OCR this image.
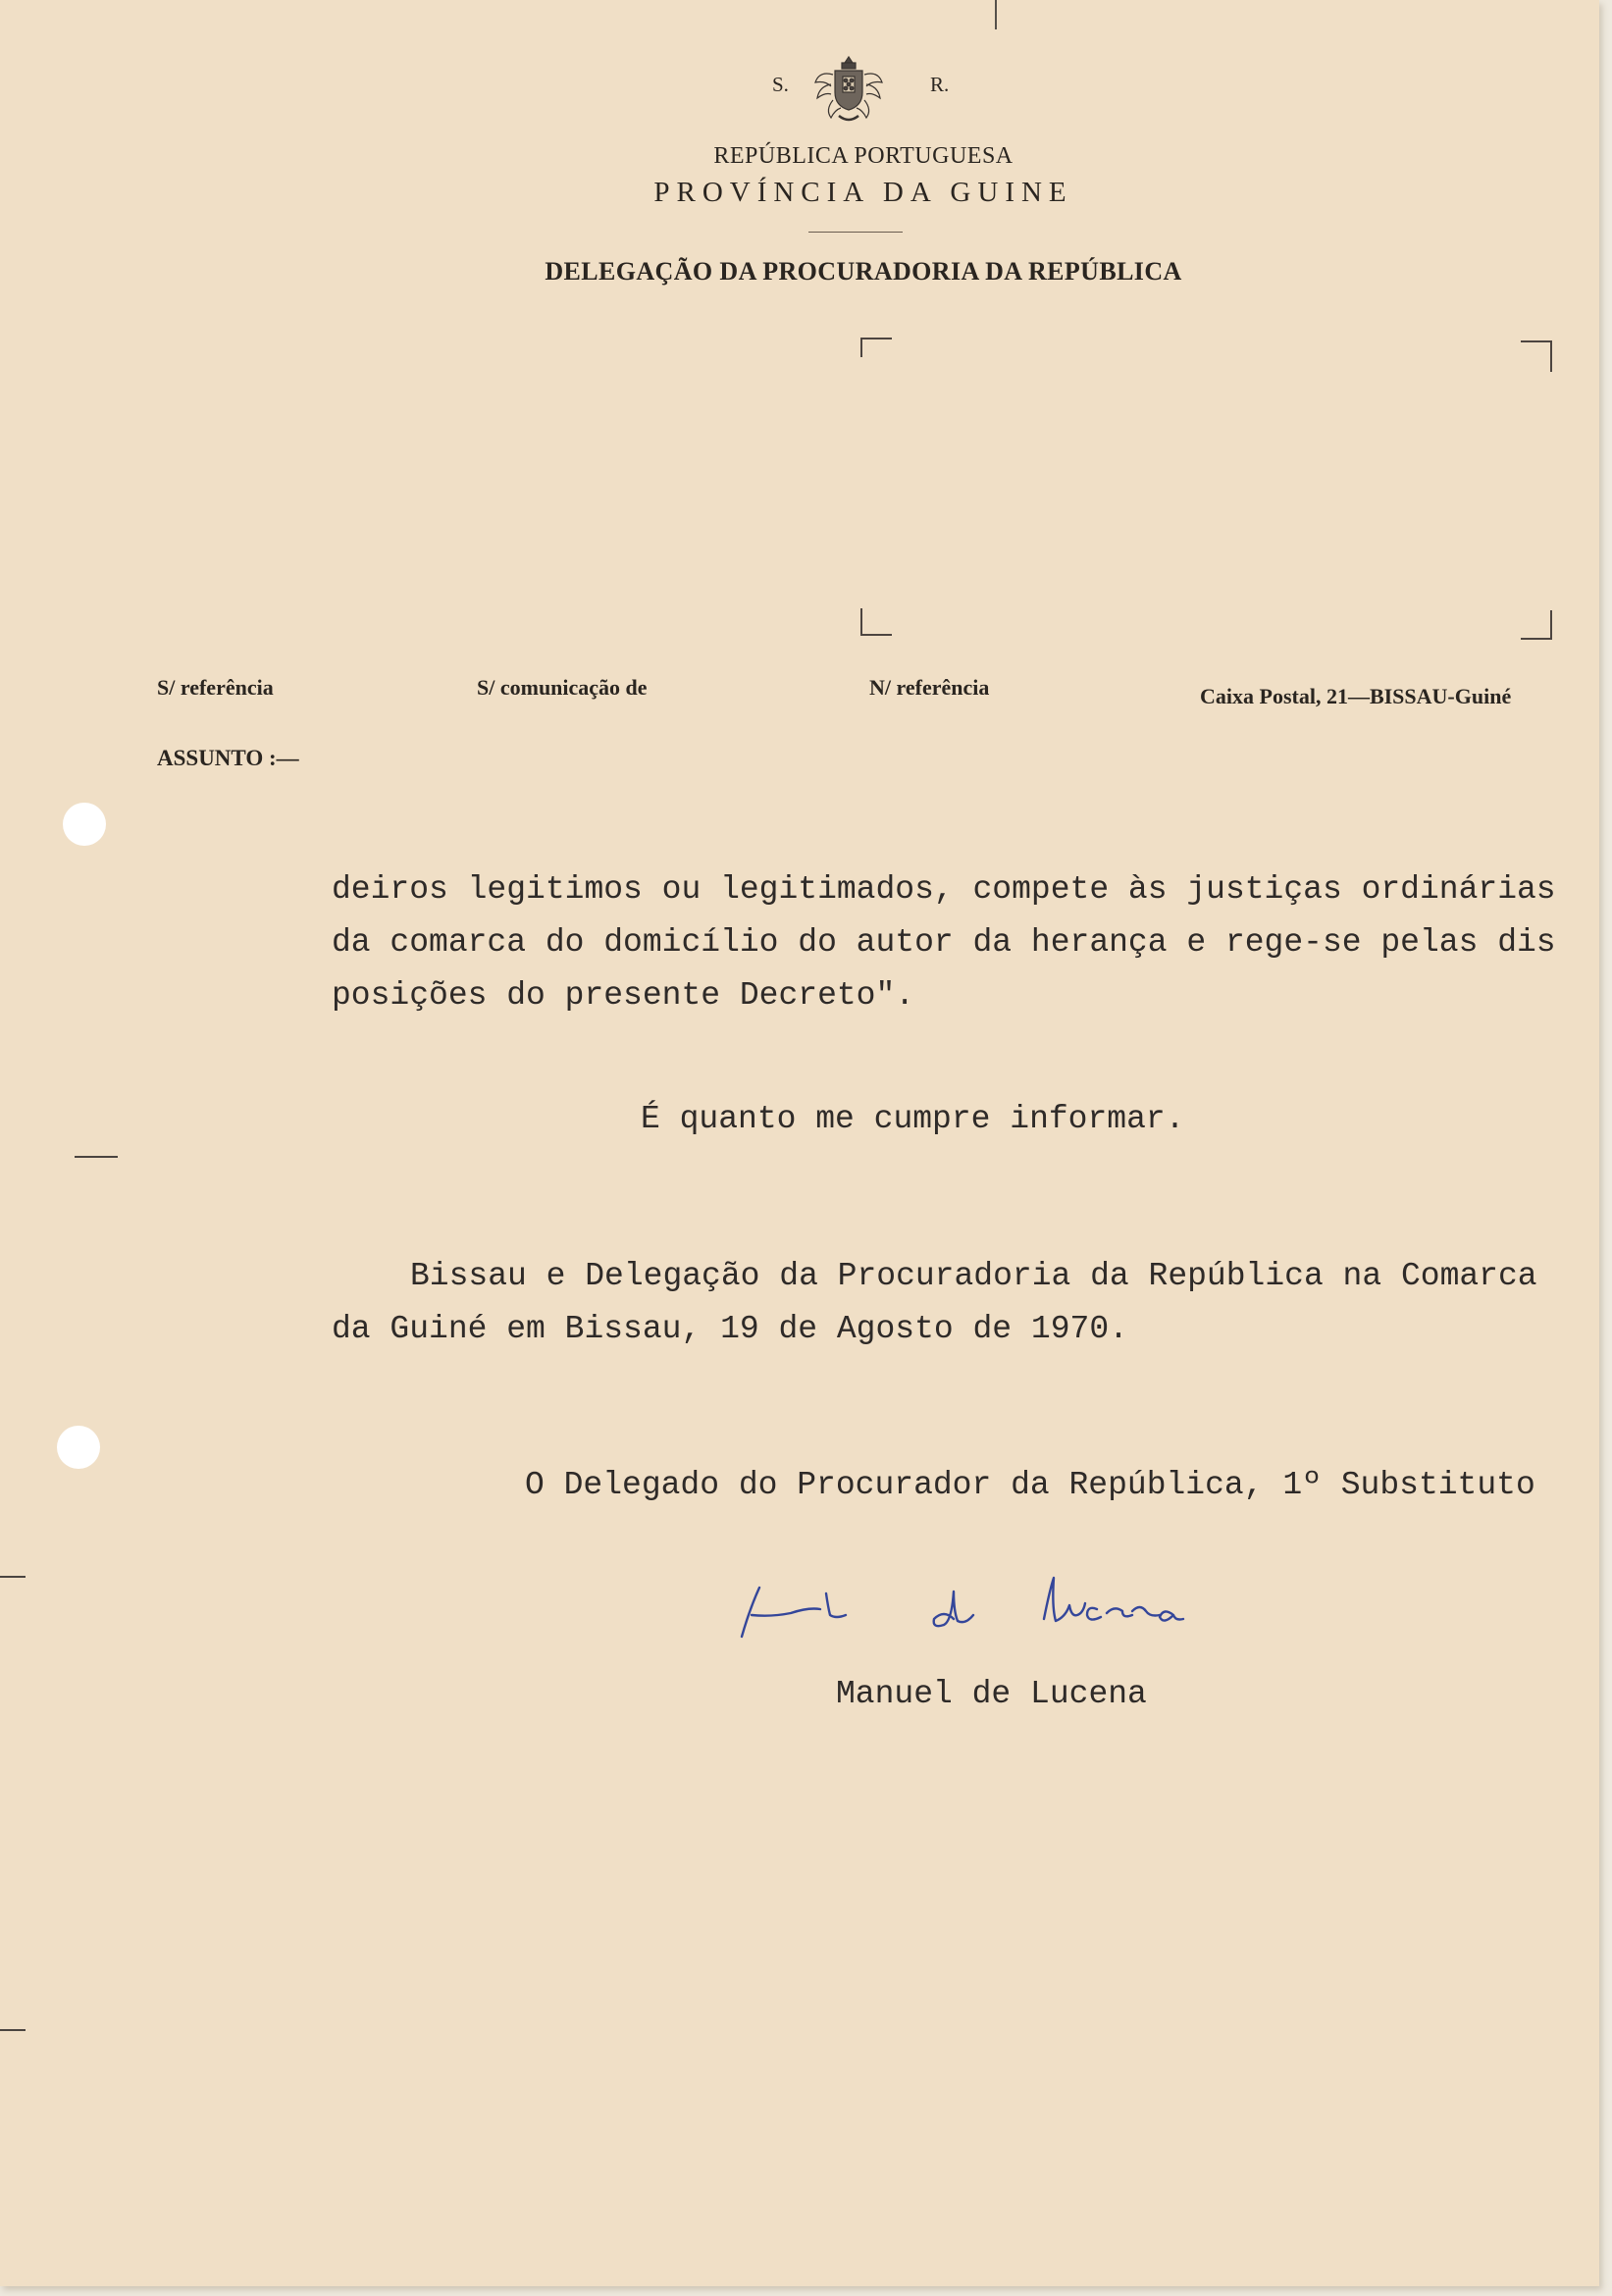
S.	R.
REPÚBLICA PORTUGUESA
PROVÍNCIA DA GUINE
DELEGAÇÃO DA PROCURADORIA DA REPÚBLICA
S/ referência	S/ comunicação de	N/ referência	Caixa Postal, 21—BISSAU-Guiné
ASSUNTO :—
deiros legitimos ou legitimados, compete às justiças ordinárias
da comarca do domicílio do autor da herança e rege-se pelas dis
posições do presente Decreto".
É quanto me cumpre informar.
Bissau e Delegação da Procuradoria da República na Comarca
da Guiné em Bissau, 19 de Agosto de 1970.
O Delegado do Procurador da República, 1º Substituto
Manuel de Lucena
